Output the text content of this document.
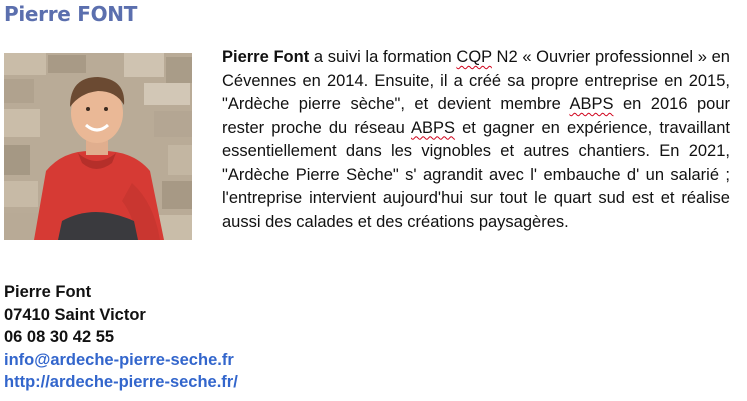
Pierre FONT
Pierre Font a suivi la formation CQP N2 « Ouvrier professionnel » en Cévennes en 2014. Ensuite, il a créé sa propre entreprise en 2015, "Ardèche pierre sèche", et devient membre ABPS en 2016 pour rester proche du réseau ABPS et gagner en expérience, travaillant essentiellement dans les vignobles et autres chantiers. En 2021, "Ardèche Pierre Sèche" s' agrandit avec l' embauche d' un salarié ; l'entreprise intervient aujourd'hui sur tout le quart sud est et réalise aussi des calades et des créations paysagères.
Pierre Font
07410 Saint Victor
06 08 30 42 55
info@ardeche-pierre-seche.fr
http://ardeche-pierre-seche.fr/
